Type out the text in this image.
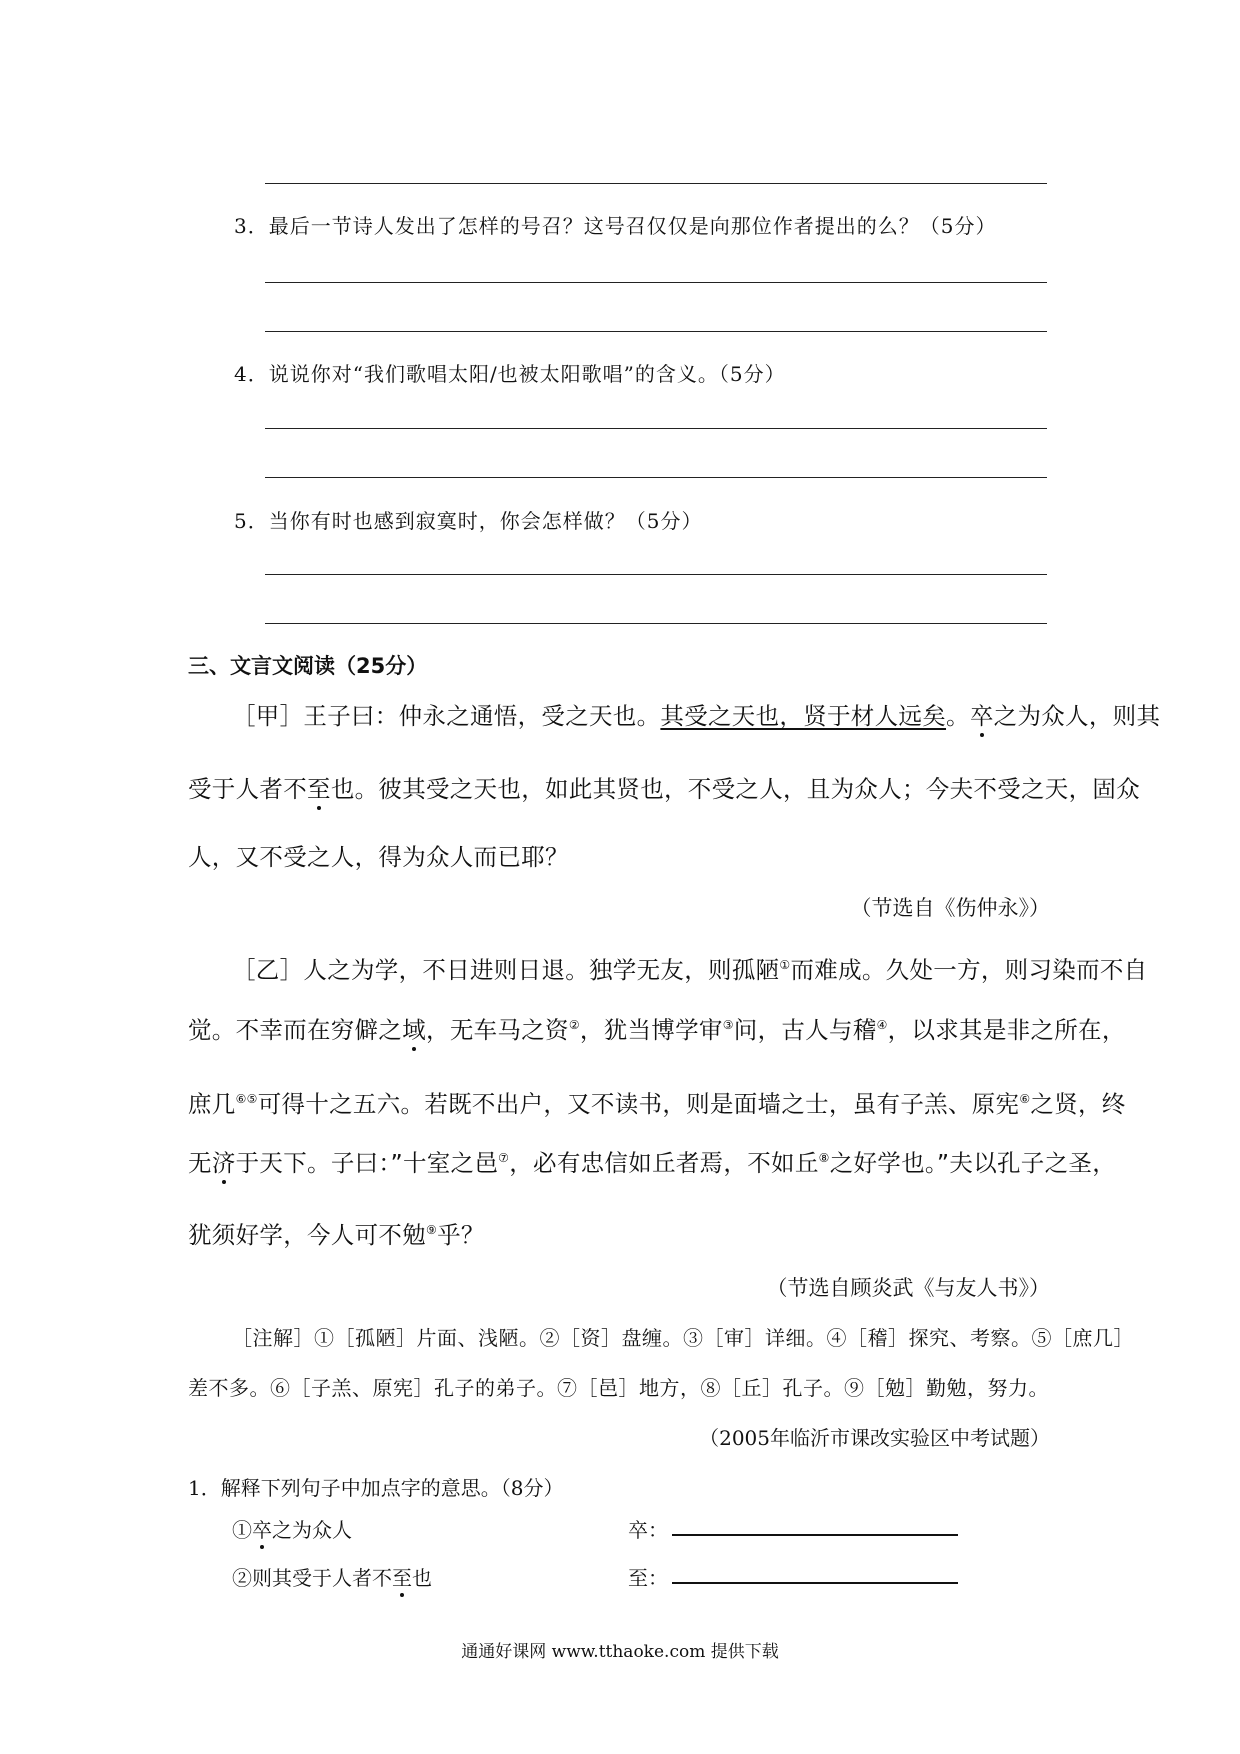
3．最后一节诗人发出了怎样的号召？这号召仅仅是向那位作者提出的么？（5分）
4．说说你对“我们歌唱太阳/也被太阳歌唱”的含义。（5分）
5．当你有时也感到寂寞时，你会怎样做？（5分）
三、文言文阅读（25分）
［甲］王子曰：仲永之通悟，受之天也。其受之天也，贤于材人远矣。卒之为众人，则其
受于人者不至也。彼其受之天也，如此其贤也，不受之人，且为众人；今夫不受之天，固众
人，又不受之人，得为众人而已耶？
（节选自《伤仲永》）
［乙］人之为学，不日进则日退。独学无友，则孤陋①而难成。久处一方，则习染而不自
觉。不幸而在穷僻之域，无车马之资②，犹当博学审③问，古人与稽④，以求其是非之所在，
庶几⑥⑤可得十之五六。若既不出户，又不读书，则是面墙之士，虽有子羔、原宪⑥之贤，终
无济于天下。子曰：”十室之邑⑦，必有忠信如丘者焉，不如丘⑧之好学也。”夫以孔子之圣，
犹须好学，今人可不勉⑨乎？
（节选自顾炎武《与友人书》）
［注解］①［孤陋］片面、浅陋。②［资］盘缠。③［审］详细。④［稽］探究、考察。⑤［庶几］
差不多。⑥［子羔、原宪］孔子的弟子。⑦［邑］地方，⑧［丘］孔子。⑨［勉］勤勉，努力。
（2005年临沂市课改实验区中考试题）
1．解释下列句子中加点字的意思。（8分）
①卒之为众人	卒：
②则其受于人者不至也	至：
通通好课网 www.tthaoke.com 提供下载
